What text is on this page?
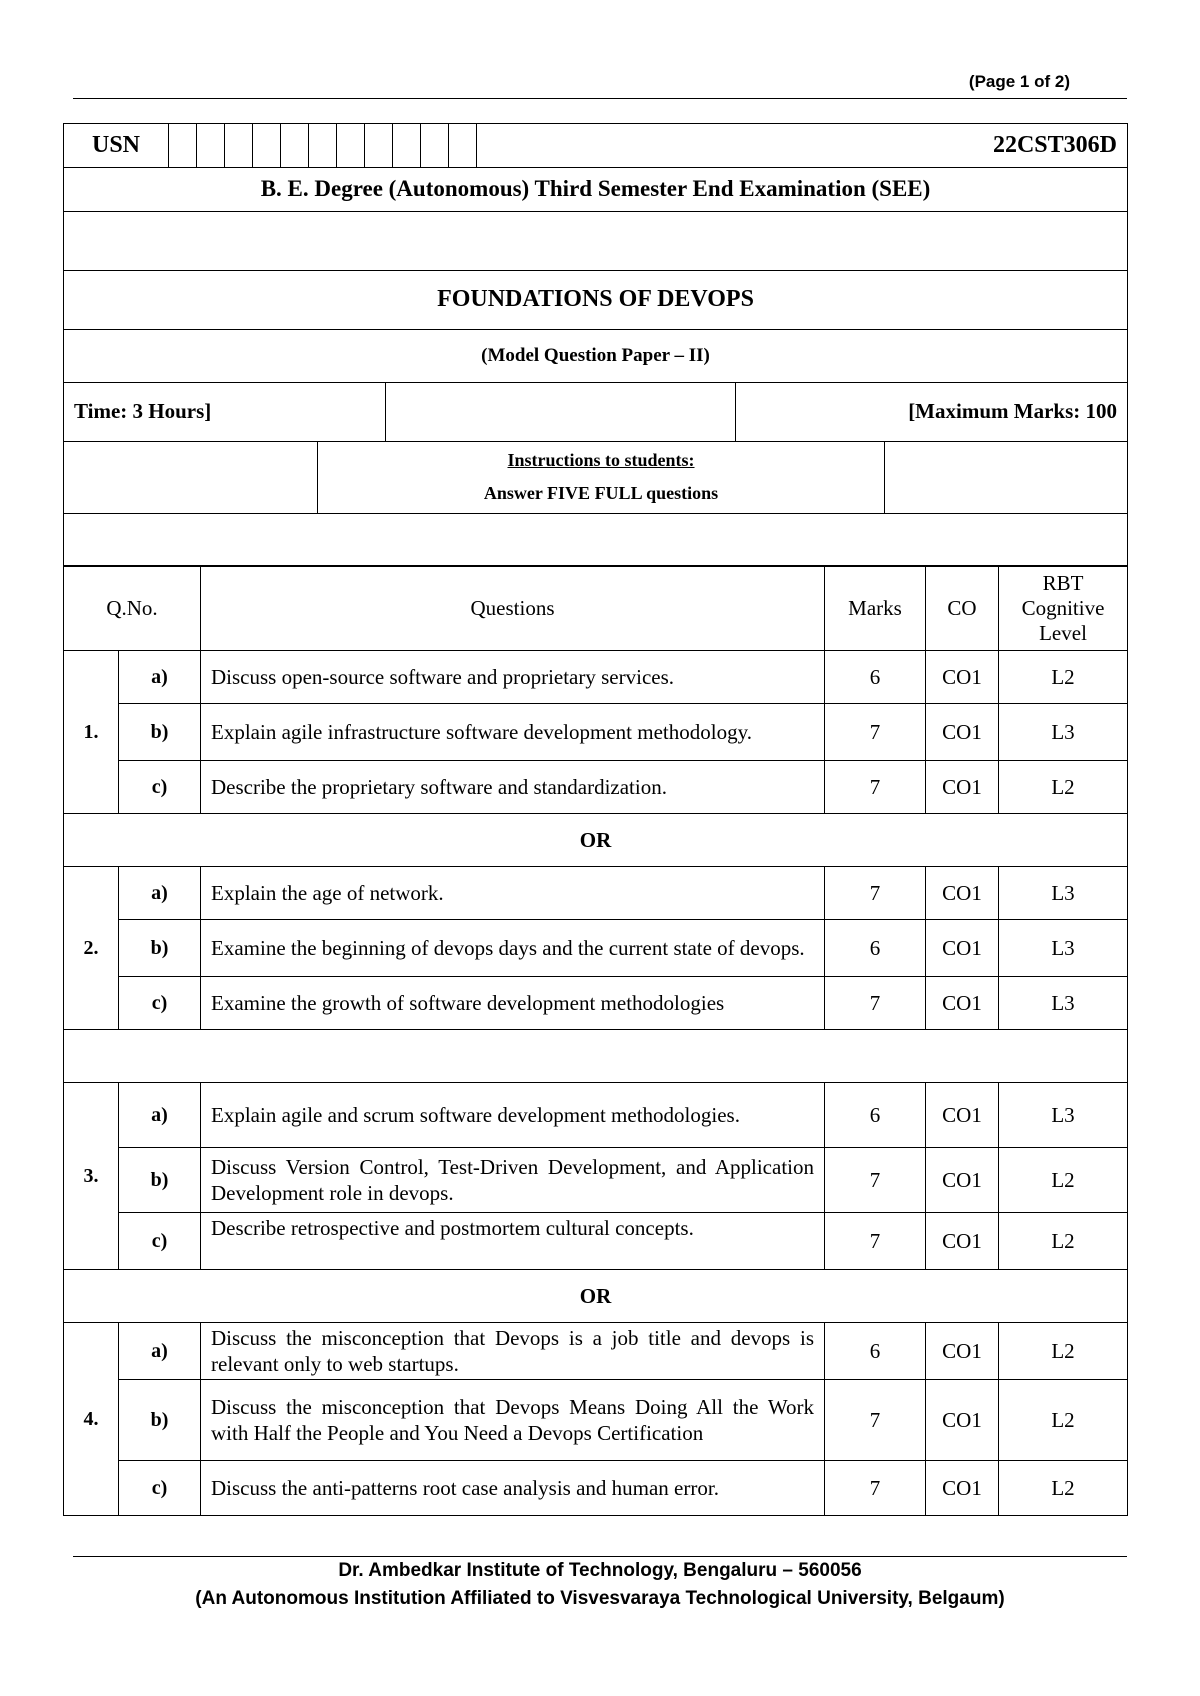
(Page 1 of 2)
USN												22CST306D
B. E. Degree (Autonomous) Third Semester End Examination (SEE)				

FOUNDATIONS OF DEVOPS				
(Model Question Paper – II)				
Time: 3 Hours]			[Maximum Marks: 100	
	Instructions to students:
Answer FIVE FULL questions			

Q.No.		Questions	Marks	CO	RBT
Cognitive
Level
1.	a)	Discuss open-source software and proprietary services.	6	CO1	L2
	b)	Explain agile infrastructure software development methodology.	7	CO1	L3
	c)	Describe the proprietary software and standardization.	7	CO1	L2
OR					
2.	a)	Explain the age of network.	7	CO1	L3
	b)	Examine the beginning of devops days and the current state of devops.	6	CO1	L3
	c)	Examine the growth of software development methodologies	7	CO1	L3

3.	a)	Explain agile and scrum software development methodologies.	6	CO1	L3
	b)	Discuss Version Control, Test-Driven Development, and Application Development role in devops.	7	CO1	L2
	c)	Describe retrospective and postmortem cultural concepts.	7	CO1	L2
OR					
4.	a)	Discuss the misconception that Devops is a job title and devops is relevant only to web startups.	6	CO1	L2
	b)	Discuss the misconception that Devops Means Doing All the Work with Half the People and You Need a Devops Certification	7	CO1	L2
	c)	Discuss the anti-patterns root case analysis and human error.	7	CO1	L2
Dr. Ambedkar Institute of Technology, Bengaluru – 560056
(An Autonomous Institution Affiliated to Visvesvaraya Technological University, Belgaum)
